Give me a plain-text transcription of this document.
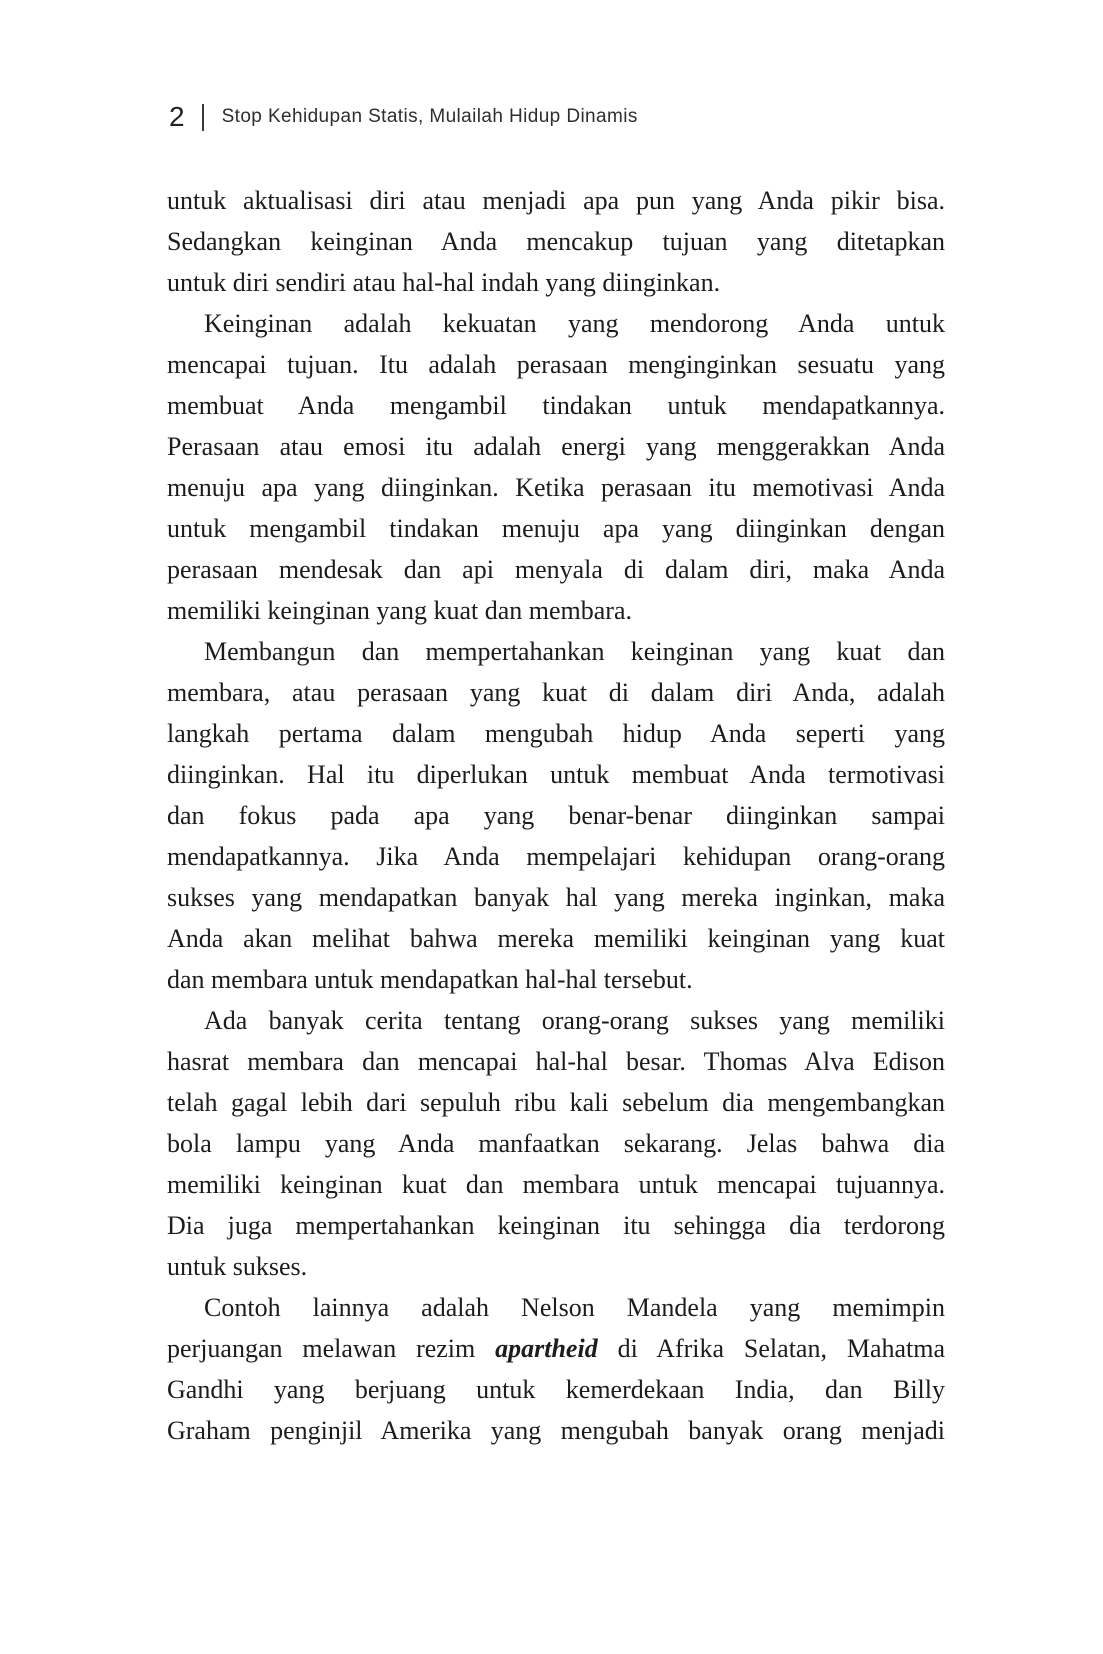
2 Stop Kehidupan Statis, Mulailah Hidup Dinamis
untuk aktualisasi diri atau menjadi apa pun yang Anda pikir bisa.
Sedangkan keinginan Anda mencakup tujuan yang ditetapkan
untuk diri sendiri atau hal-hal indah yang diinginkan.
Keinginan adalah kekuatan yang mendorong Anda untuk
mencapai tujuan. Itu adalah perasaan menginginkan sesuatu yang
membuat Anda mengambil tindakan untuk mendapatkannya.
Perasaan atau emosi itu adalah energi yang menggerakkan Anda
menuju apa yang diinginkan. Ketika perasaan itu memotivasi Anda
untuk mengambil tindakan menuju apa yang diinginkan dengan
perasaan mendesak dan api menyala di dalam diri, maka Anda
memiliki keinginan yang kuat dan membara.
Membangun dan mempertahankan keinginan yang kuat dan
membara, atau perasaan yang kuat di dalam diri Anda, adalah
langkah pertama dalam mengubah hidup Anda seperti yang
diinginkan. Hal itu diperlukan untuk membuat Anda termotivasi
dan fokus pada apa yang benar-benar diinginkan sampai
mendapatkannya. Jika Anda mempelajari kehidupan orang-orang
sukses yang mendapatkan banyak hal yang mereka inginkan, maka
Anda akan melihat bahwa mereka memiliki keinginan yang kuat
dan membara untuk mendapatkan hal-hal tersebut.
Ada banyak cerita tentang orang-orang sukses yang memiliki
hasrat membara dan mencapai hal-hal besar. Thomas Alva Edison
telah gagal lebih dari sepuluh ribu kali sebelum dia mengembangkan
bola lampu yang Anda manfaatkan sekarang. Jelas bahwa dia
memiliki keinginan kuat dan membara untuk mencapai tujuannya.
Dia juga mempertahankan keinginan itu sehingga dia terdorong
untuk sukses.
Contoh lainnya adalah Nelson Mandela yang memimpin
perjuangan melawan rezim apartheid di Afrika Selatan, Mahatma
Gandhi yang berjuang untuk kemerdekaan India, dan Billy
Graham penginjil Amerika yang mengubah banyak orang menjadi
